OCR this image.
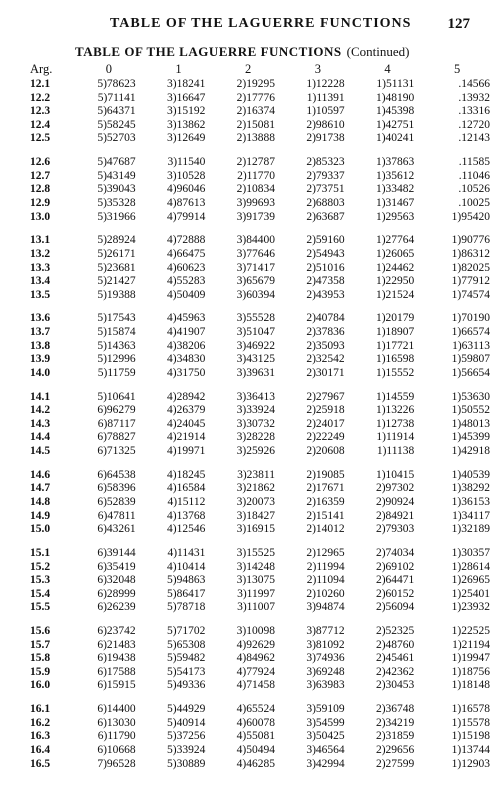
TABLE OF THE LAGUERRE FUNCTIONS 127
TABLE OF THE LAGUERRE FUNCTIONS (Continued)
Arg.	0	1	2	3	4	5
12.1	5)78623	3)18241	2)19295	1)12228	1)51131	.14566
12.2	5)71141	3)16647	2)17776	1)11391	1)48190	.13932
12.3	5)64371	3)15192	2)16374	1)10597	1)45398	.13316
12.4	5)58245	3)13862	2)15081	2)98610	1)42751	.12720
12.5	5)52703	3)12649	2)13888	2)91738	1)40241	.12143

12.6	5)47687	3)11540	2)12787	2)85323	1)37863	.11585
12.7	5)43149	3)10528	2)11770	2)79337	1)35612	.11046
12.8	5)39043	4)96046	2)10834	2)73751	1)33482	.10526
12.9	5)35328	4)87613	3)99693	2)68803	1)31467	.10025
13.0	5)31966	4)79914	3)91739	2)63687	1)29563	1)95420

13.1	5)28924	4)72888	3)84400	2)59160	1)27764	1)90776
13.2	5)26171	4)66475	3)77646	2)54943	1)26065	1)86312
13.3	5)23681	4)60623	3)71417	2)51016	1)24462	1)82025
13.4	5)21427	4)55283	3)65679	2)47358	1)22950	1)77912
13.5	5)19388	4)50409	3)60394	2)43953	1)21524	1)74574

13.6	5)17543	4)45963	3)55528	2)40784	1)20179	1)70190
13.7	5)15874	4)41907	3)51047	2)37836	1)18907	1)66574
13.8	5)14363	4)38206	3)46922	2)35093	1)17721	1)63113
13.9	5)12996	4)34830	3)43125	2)32542	1)16598	1)59807
14.0	5)11759	4)31750	3)39631	2)30171	1)15552	1)56654

14.1	5)10641	4)28942	3)36413	2)27967	1)14559	1)53630
14.2	6)96279	4)26379	3)33924	2)25918	1)13226	1)50552
14.3	6)87117	4)24045	3)30732	2)24017	1)12738	1)48013
14.4	6)78827	4)21914	3)28228	2)22249	1)11914	1)45399
14.5	6)71325	4)19971	3)25926	2)20608	1)11138	1)42918

14.6	6)64538	4)18245	3)23811	2)19085	1)10415	1)40539
14.7	6)58396	4)16584	3)21862	2)17671	2)97302	1)38292
14.8	6)52839	4)15112	3)20073	2)16359	2)90924	1)36153
14.9	6)47811	4)13768	3)18427	2)15141	2)84921	1)34117
15.0	6)43261	4)12546	3)16915	2)14012	2)79303	1)32189

15.1	6)39144	4)11431	3)15525	2)12965	2)74034	1)30357
15.2	6)35419	4)10414	3)14248	2)11994	2)69102	1)28614
15.3	6)32048	5)94863	3)13075	2)11094	2)64471	1)26965
15.4	6)28999	5)86417	3)11997	2)10260	2)60152	1)25401
15.5	6)26239	5)78718	3)11007	3)94874	2)56094	1)23932

15.6	6)23742	5)71702	3)10098	3)87712	2)52325	1)22525
15.7	6)21483	5)65308	4)92629	3)81092	2)48760	1)21194
15.8	6)19438	5)59482	4)84962	3)74936	2)45461	1)19947
15.9	6)17588	5)54173	4)77924	3)69248	2)42362	1)18756
16.0	6)15915	5)49336	4)71458	3)63983	2)30453	1)18148

16.1	6)14400	5)44929	4)65524	3)59109	2)36748	1)16578
16.2	6)13030	5)40914	4)60078	3)54599	2)34219	1)15578
16.3	6)11790	5)37256	4)55081	3)50425	2)31859	1)15198
16.4	6)10668	5)33924	4)50494	3)46564	2)29656	1)13744
16.5	7)96528	5)30889	4)46285	3)42994	2)27599	1)12903
